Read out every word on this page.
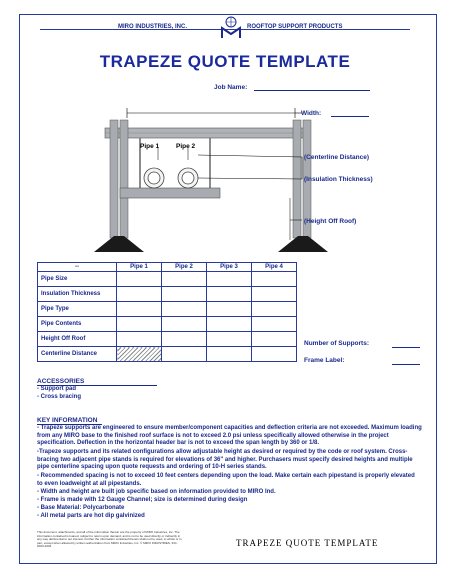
MIRO INDUSTRIES, INC.	ROOFTOP SUPPORT PRODUCTS
TRAPEZE QUOTE TEMPLATE
Job Name:
Width:
Pipe 1	Pipe 2
(Centerline Distance)
(Insulation Thickness)
(Height Off Roof)
--	Pipe 1	Pipe 2	Pipe 3	Pipe 4
Pipe Size				
Insulation Thickness				
Pipe Type				
Pipe Contents				
Height Off Roof				
Centerline Distance				
Number of Supports:
Frame Label:
ACCESSORIES
- Support pad
- Cross bracing
KEY INFORMATION
- Trapeze supports are engineered to ensure member/component capacities and deflection criteria are not exceeded. Maximum loading from any MIRO base to the finished roof surface is not to exceed 2.0 psi unless specifically allowed otherwise in the project specification. Deflection in the horizontal header bar is not to exceed the span length by 360 or 1/8.
-Trapeze supports and its related configurations allow adjustable height as desired or required by the code or roof system. Cross-bracing two adjacent pipe stands is required for elevations of 36" and higher. Purchasers must specify desired heights and multiple pipe centerline spacing upon quote requests and ordering of 10-H series stands.
- Recommended spacing is not to exceed 10 feet centers depending upon the load. Make certain each pipestand is properly elevated to even loadweight at all pipestands.
- Width and height are built job specific based on information provided to MIRO Ind.
- Frame is made with 12 Gauge Channel; size is determined during design
- Base Material: Polycarbonate
- All metal parts are hot dip galvinized
This document, attachments, and all of the information therein are the property of MIRO Industries, Inc. The information contained is loaned, subject to return upon demand, and is not to be used directly or indirectly in any way detrimental to our interest. Further the information contained therein shall not be used, in whole or in part, except when allowed by written authorization from MIRO Industries, Inc. © MIRO INDUSTRIES, INC. 2003-2004	TRAPEZE QUOTE TEMPLATE
